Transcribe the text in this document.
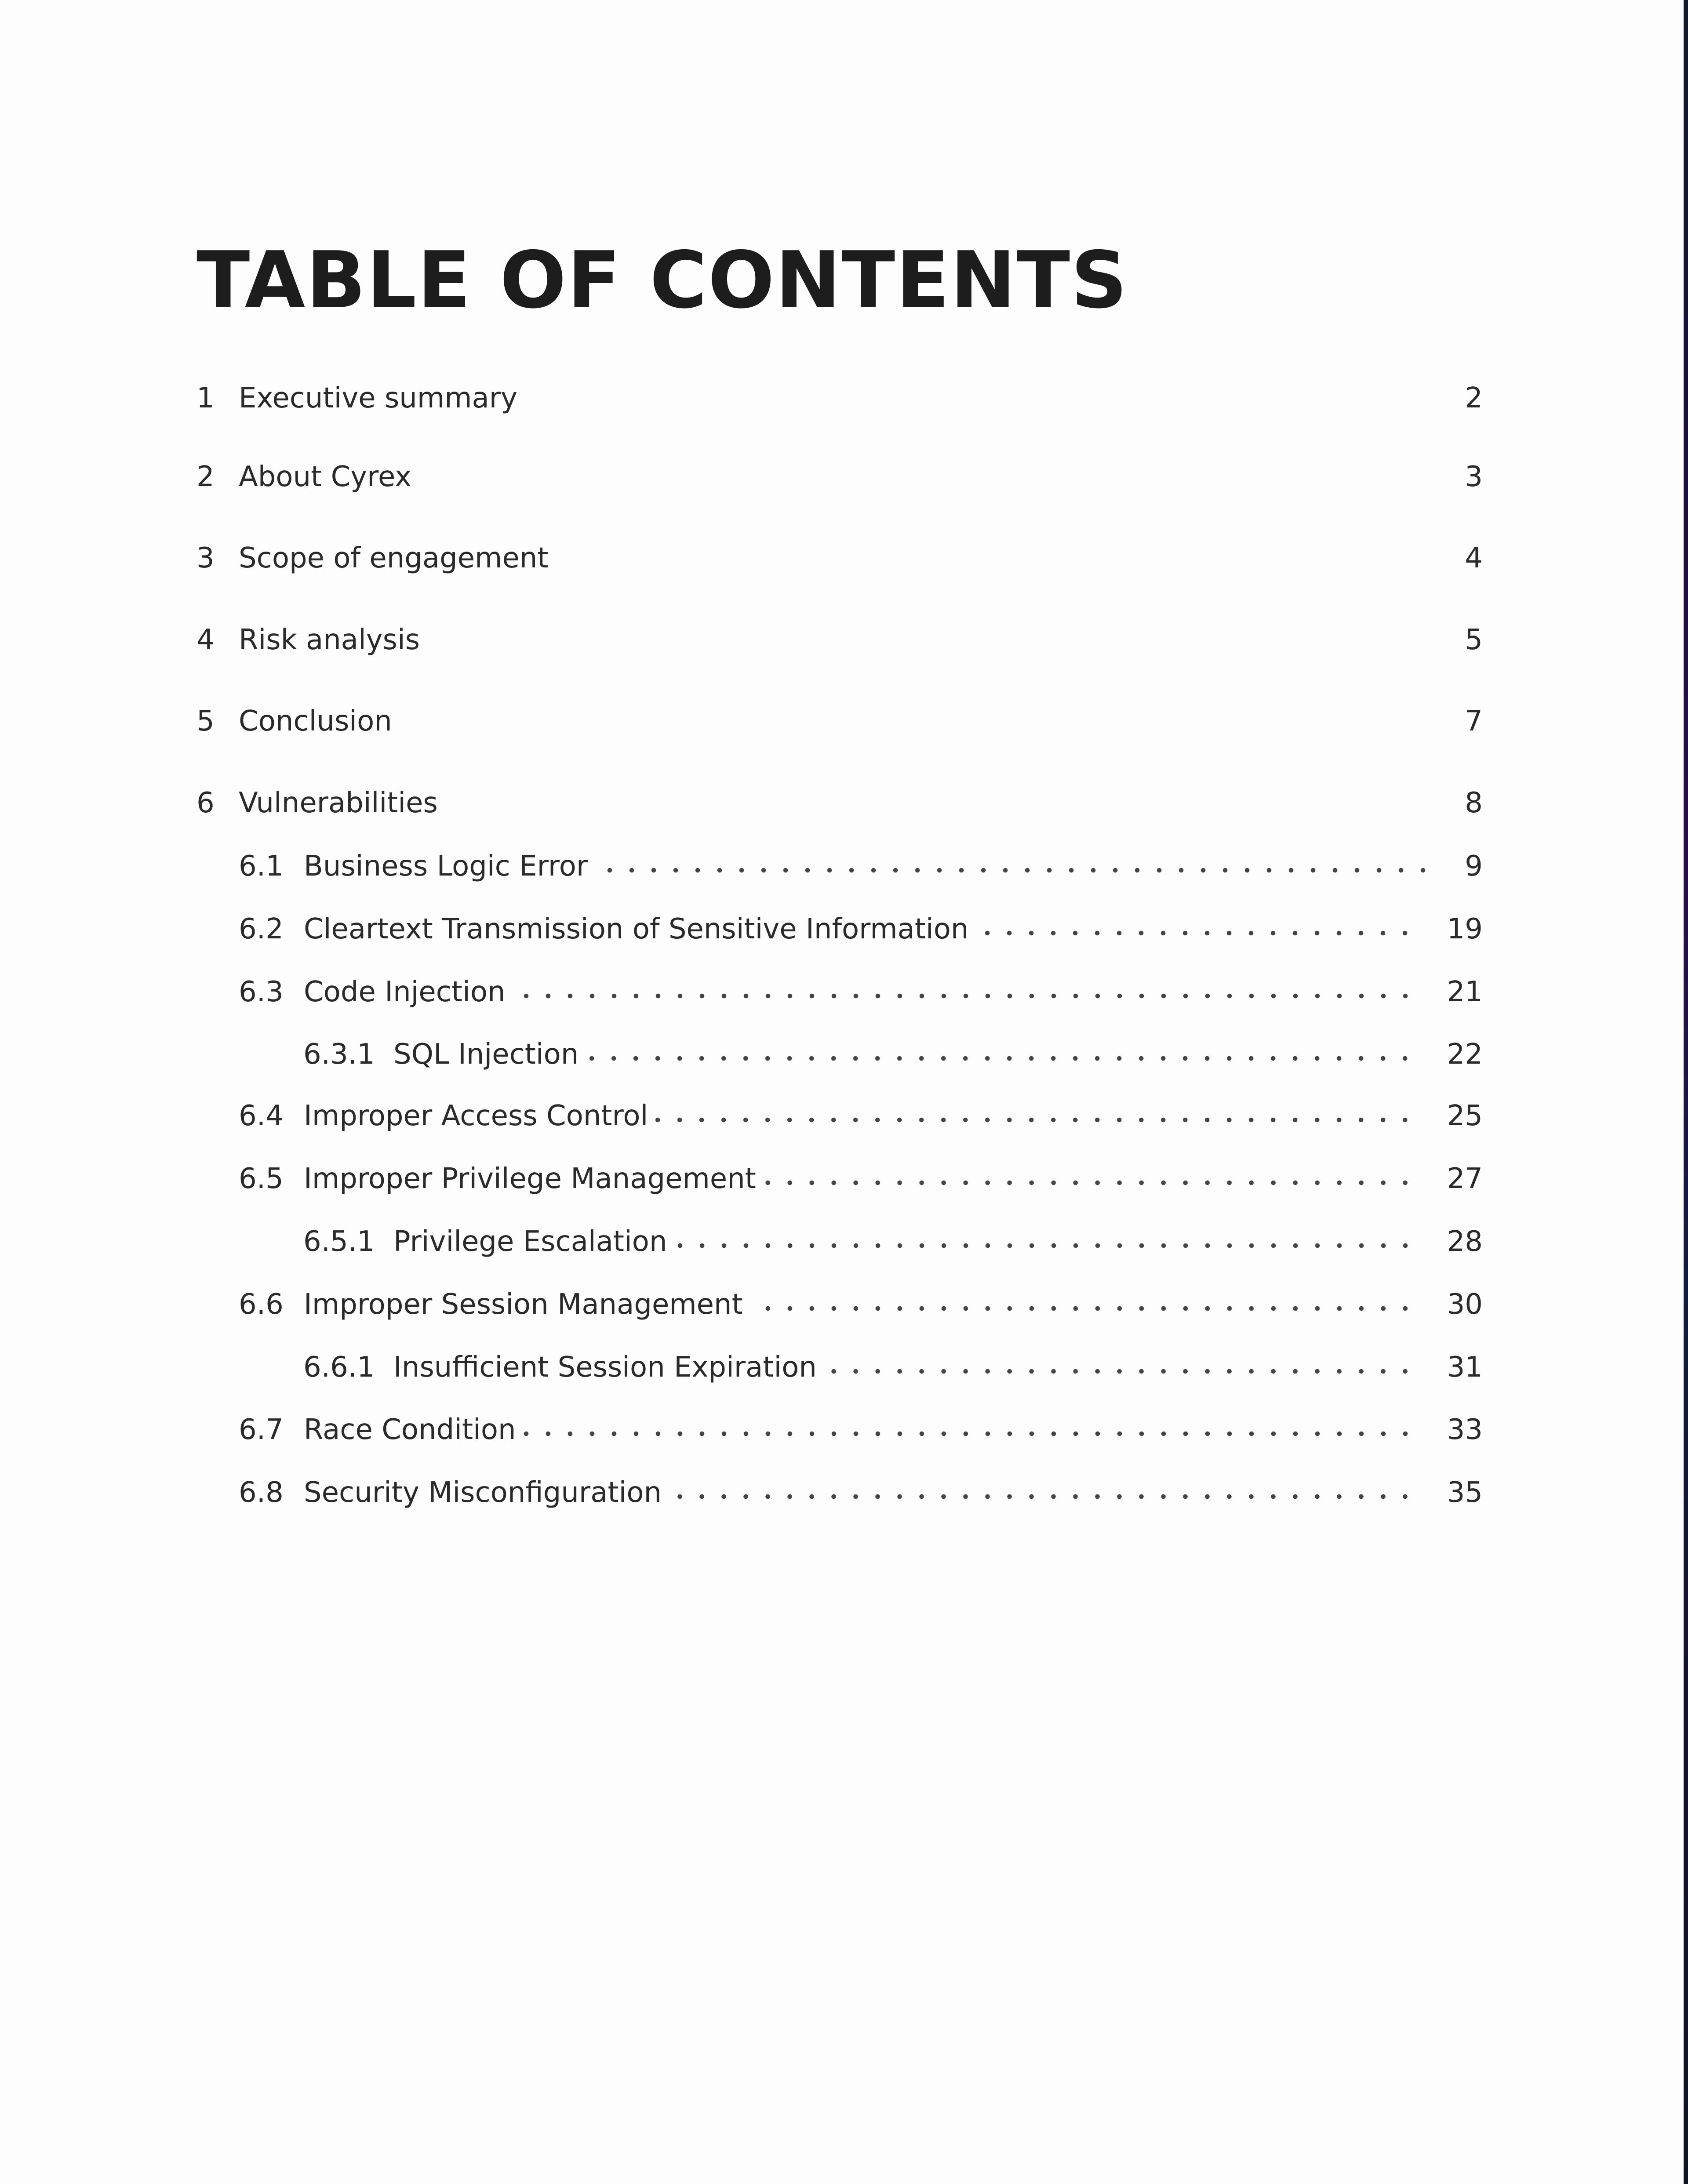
TABLE OF CONTENTS
1 Executive summary	2
2 About Cyrex	3
3 Scope of engagement	4
4 Risk analysis	5
5 Conclusion	7
6 Vulnerabilities	8
6.1 Business Logic Error	9
6.2 Cleartext Transmission of Sensitive Information	19
6.3 Code Injection	21
6.3.1 SQL Injection	22
6.4 Improper Access Control	25
6.5 Improper Privilege Management	27
6.5.1 Privilege Escalation	28
6.6 Improper Session Management	30
6.6.1 Insufficient Session Expiration	31
6.7 Race Condition	33
6.8 Security Misconfiguration	35
